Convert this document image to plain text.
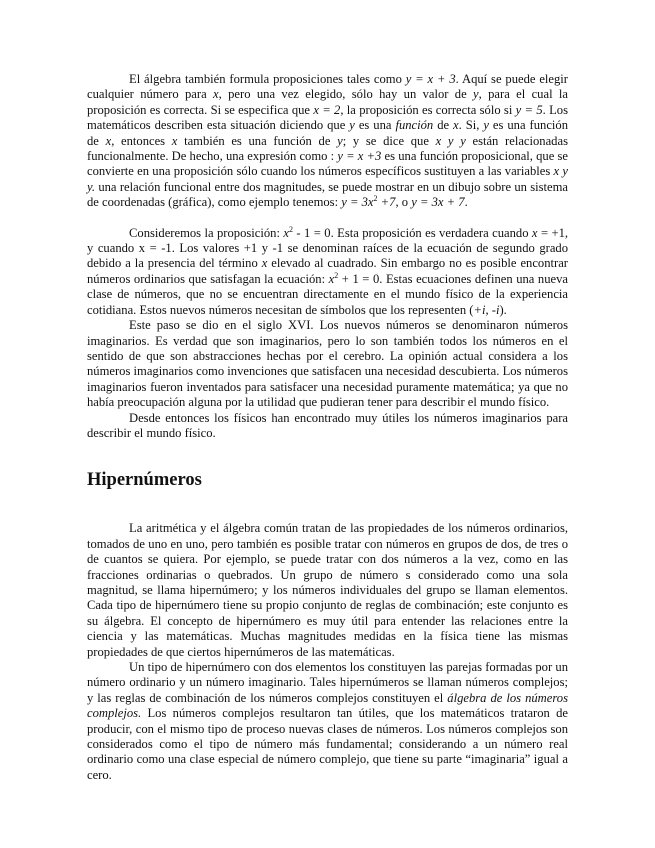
El álgebra también formula proposiciones tales como y = x + 3. Aquí se puede elegir cualquier número para x, pero una vez elegido, sólo hay un valor de y, para el cual la proposición es correcta. Si se especifica que x = 2, la proposición es correcta sólo si y = 5. Los matemáticos describen esta situación diciendo que y es una función de x. Si, y es una función de x, entonces x también es una función de y; y se dice que x y y están relacionadas funcionalmente. De hecho, una expresión como : y = x +3 es una función proposicional, que se convierte en una proposición sólo cuando los números específicos sustituyen a las variables x y y. una relación funcional entre dos magnitudes, se puede mostrar en un dibujo sobre un sistema de coordenadas (gráfica), como ejemplo tenemos: $y = 3x^2 +7$, o y = 3x + 7.

Consideremos la proposición: $x^2 - 1 = 0$. Esta proposición es verdadera cuando x = +1, y cuando x = -1. Los valores +1 y -1 se denominan raíces de la ecuación de segundo grado debido a la presencia del término x elevado al cuadrado. Sin embargo no es posible encontrar números ordinarios que satisfagan la ecuación: $x^2 + 1 = 0$. Estas ecuaciones definen una nueva clase de números, que no se encuentran directamente en el mundo físico de la experiencia cotidiana. Estos nuevos números necesitan de símbolos que los representen (+i, -i).

Este paso se dio en el siglo XVI. Los nuevos números se denominaron números imaginarios. Es verdad que son imaginarios, pero lo son también todos los números en el sentido de que son abstracciones hechas por el cerebro. La opinión actual considera a los números imaginarios como invenciones que satisfacen una necesidad descubierta. Los números imaginarios fueron inventados para satisfacer una necesidad puramente matemática; ya que no había preocupación alguna por la utilidad que pudieran tener para describir el mundo físico.

Desde entonces los físicos han encontrado muy útiles los números imaginarios para describir el mundo físico.

Hipernúmeros

La aritmética y el álgebra común tratan de las propiedades de los números ordinarios, tomados de uno en uno, pero también es posible tratar con números en grupos de dos, de tres o de cuantos se quiera. Por ejemplo, se puede tratar con dos números a la vez, como en las fracciones ordinarias o quebrados. Un grupo de número s considerado como una sola magnitud, se llama hipernúmero; y los números individuales del grupo se llaman elementos. Cada tipo de hipernúmero tiene su propio conjunto de reglas de combinación; este conjunto es su álgebra. El concepto de hipernúmero es muy útil para entender las relaciones entre la ciencia y las matemáticas. Muchas magnitudes medidas en la física tiene las mismas propiedades de que ciertos hipernúmeros de las matemáticas.

Un tipo de hipernúmero con dos elementos los constituyen las parejas formadas por un número ordinario y un número imaginario. Tales hipernúmeros se llaman números complejos; y las reglas de combinación de los números complejos constituyen el álgebra de los números complejos. Los números complejos resultaron tan útiles, que los matemáticos trataron de producir, con el mismo tipo de proceso nuevas clases de números. Los números complejos son considerados como el tipo de número más fundamental; considerando a un número real ordinario como una clase especial de número complejo, que tiene su parte “imaginaria” igual a cero.
